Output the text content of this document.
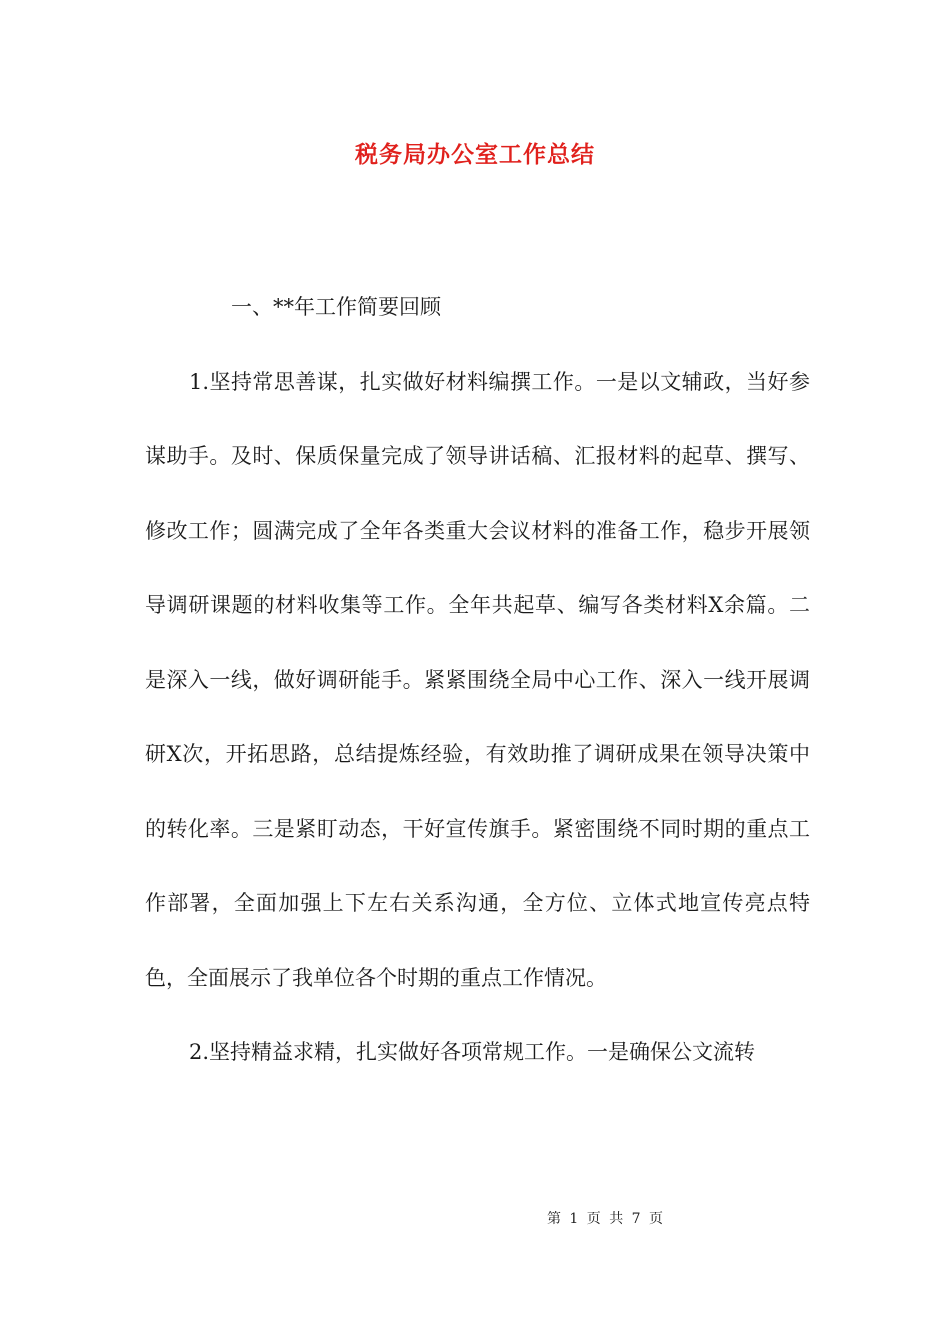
税务局办公室工作总结

一、**年工作简要回顾

1.坚持常思善谋，扎实做好材料编撰工作。一是以文辅政，当好参谋助手。及时、保质保量完成了领导讲话稿、汇报材料的起草、撰写、修改工作；圆满完成了全年各类重大会议材料的准备工作，稳步开展领导调研课题的材料收集等工作。全年共起草、编写各类材料X余篇。二是深入一线，做好调研能手。紧紧围绕全局中心工作、深入一线开展调研X次，开拓思路，总结提炼经验，有效助推了调研成果在领导决策中的转化率。三是紧盯动态，干好宣传旗手。紧密围绕不同时期的重点工作部署，全面加强上下左右关系沟通，全方位、立体式地宣传亮点特色，全面展示了我单位各个时期的重点工作情况。

2.坚持精益求精，扎实做好各项常规工作。一是确保公文流转

第 1 页 共 7 页
